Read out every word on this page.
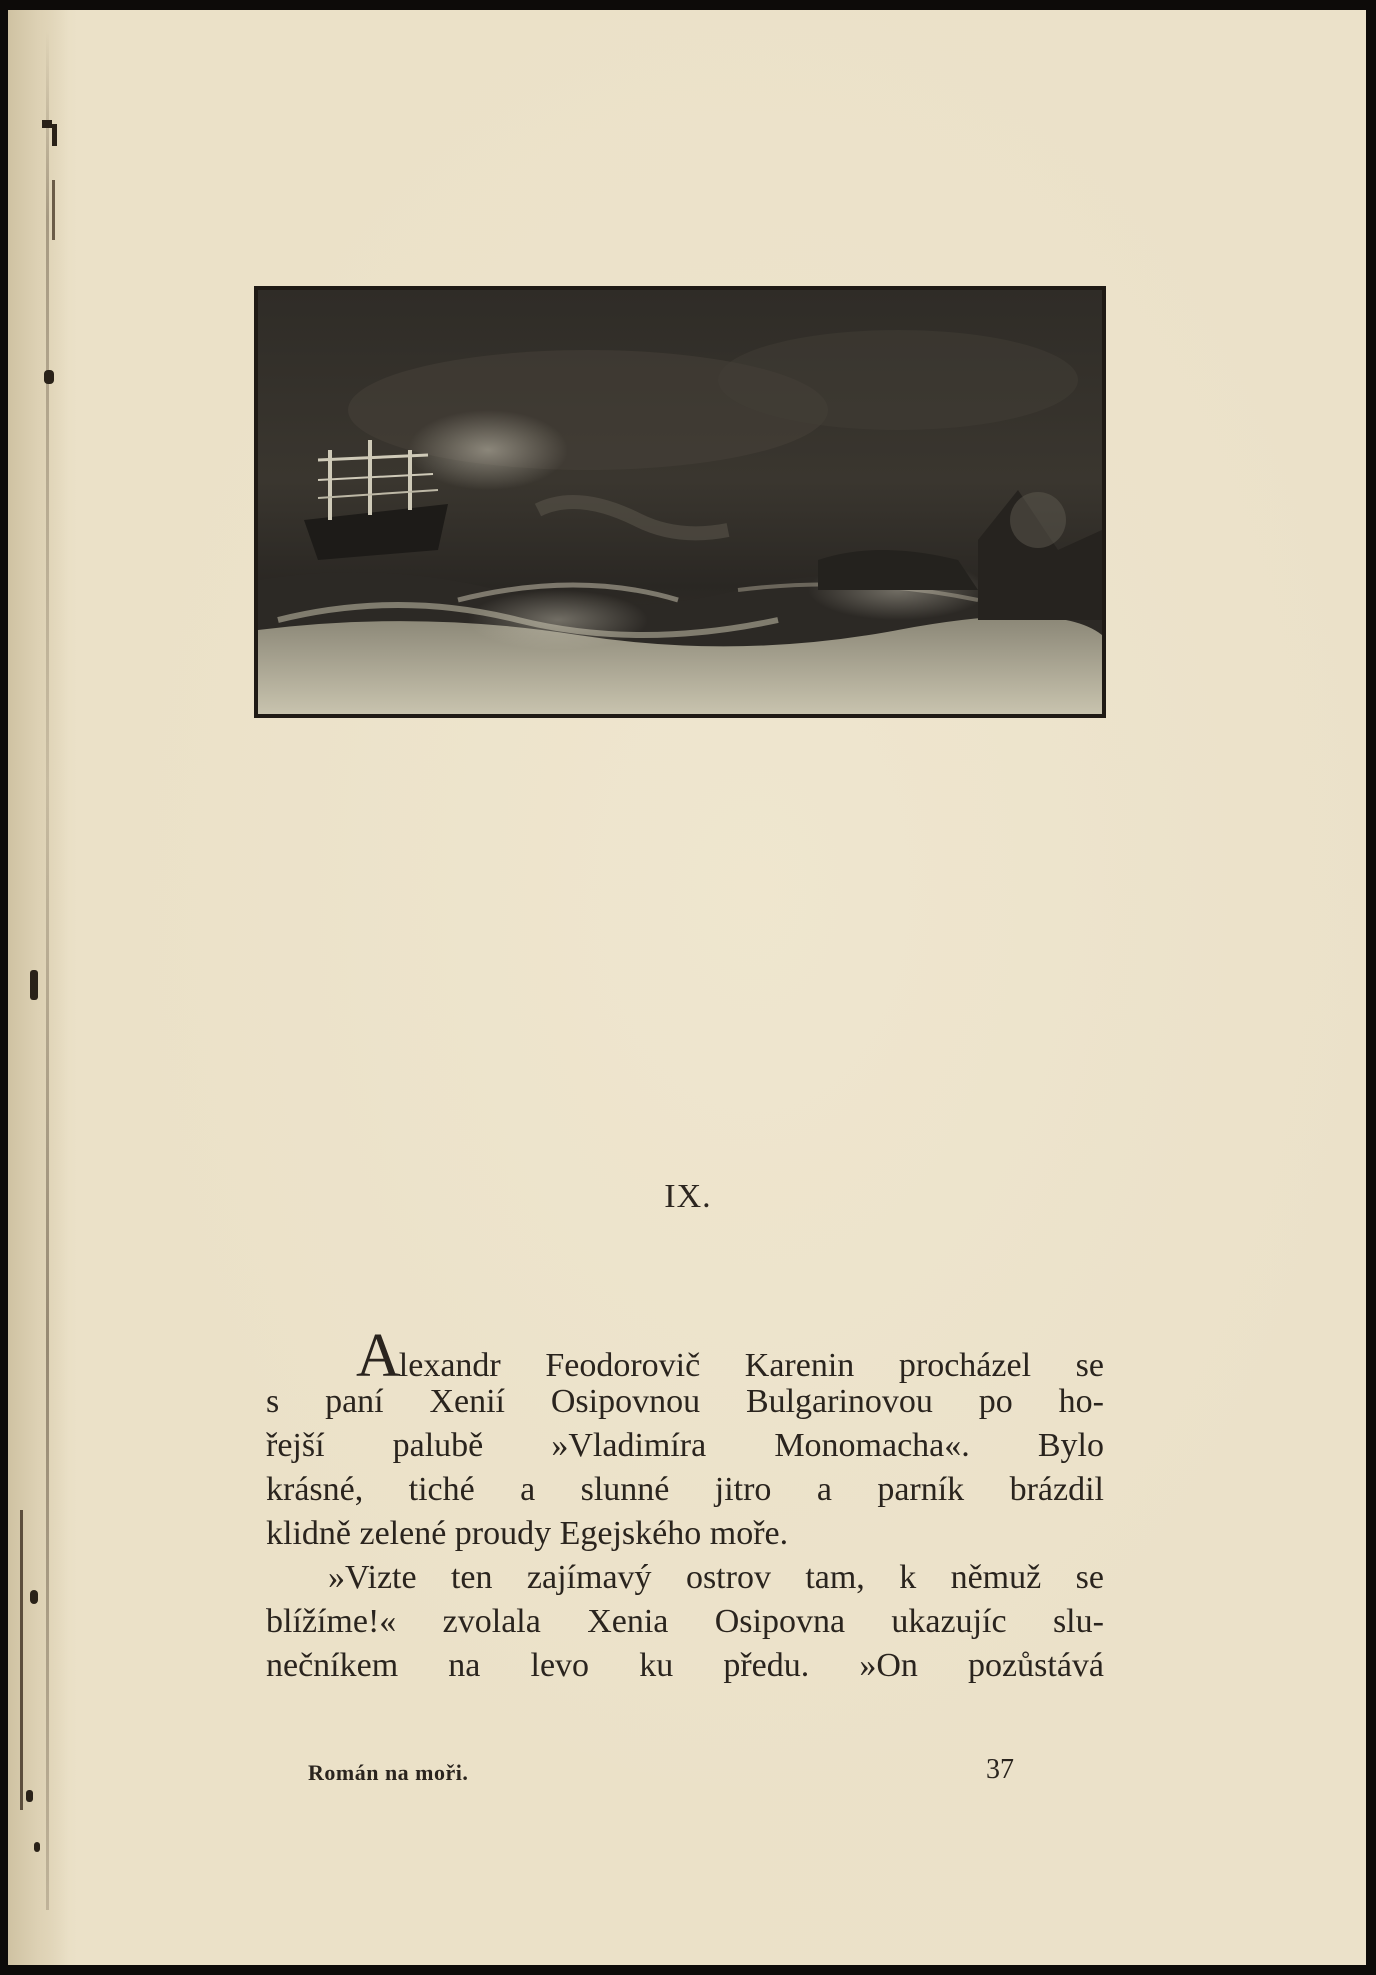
IX.
A
lexandr Feodorovič Karenin procházel se
s paní Xenií Osipovnou Bulgarinovou po ho-
řejší palubě »Vladimíra Monomacha«. Bylo
krásné, tiché a slunné jitro a parník brázdil
klidně zelené proudy Egejského moře.
»Vizte ten zajímavý ostrov tam, k němuž se
blížíme!« zvolala Xenia Osipovna ukazujíc slu-
nečníkem na levo ku předu. »On pozůstává
Román na moři.	37
